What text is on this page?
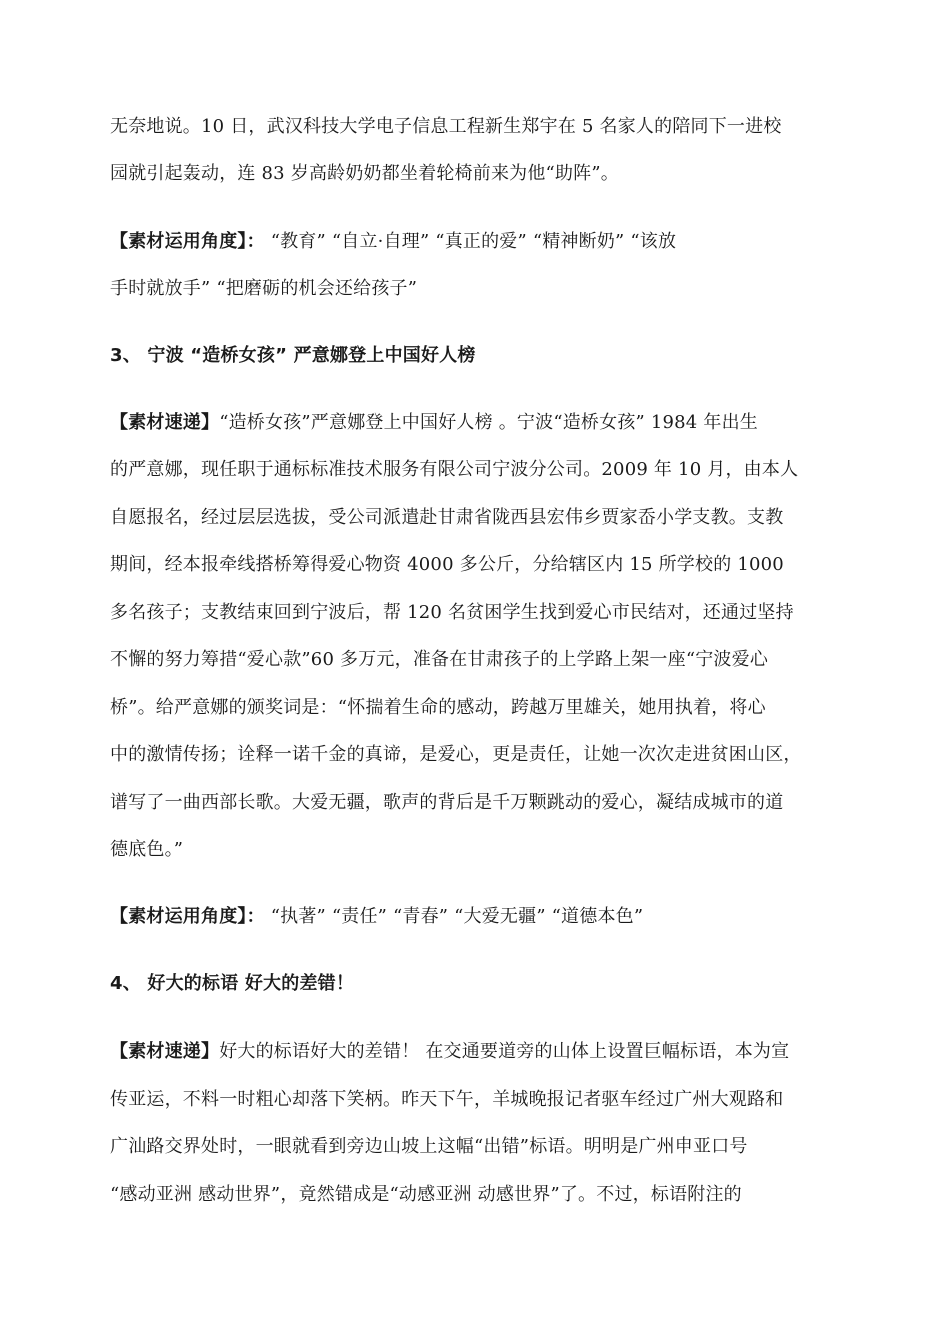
无奈地说。10 日，武汉科技大学电子信息工程新生郑宇在 5 名家人的陪同下一进校
园就引起轰动，连 83 岁高龄奶奶都坐着轮椅前来为他“助阵”。
【素材运用角度】： “教育” “自立·自理” “真正的爱” “精神断奶” “该放
手时就放手” “把磨砺的机会还给孩子”
3、 宁波 “造桥女孩” 严意娜登上中国好人榜
【素材速递】“造桥女孩”严意娜登上中国好人榜 。宁波“造桥女孩” 1984 年出生
的严意娜，现任职于通标标准技术服务有限公司宁波分公司。2009 年 10 月，由本人
自愿报名，经过层层选拔，受公司派遣赴甘肃省陇西县宏伟乡贾家岙小学支教。支教
期间，经本报牵线搭桥筹得爱心物资 4000 多公斤，分给辖区内 15 所学校的 1000
多名孩子；支教结束回到宁波后，帮 120 名贫困学生找到爱心市民结对，还通过坚持
不懈的努力筹措“爱心款”60 多万元，准备在甘肃孩子的上学路上架一座“宁波爱心
桥”。给严意娜的颁奖词是：“怀揣着生命的感动，跨越万里雄关，她用执着，将心
中的激情传扬；诠释一诺千金的真谛，是爱心，更是责任，让她一次次走进贫困山区，
谱写了一曲西部长歌。大爱无疆，歌声的背后是千万颗跳动的爱心，凝结成城市的道
德底色。”
【素材运用角度】： “执著” “责任” “青春” “大爱无疆” “道德本色”
4、 好大的标语 好大的差错！
【素材速递】好大的标语好大的差错！ 在交通要道旁的山体上设置巨幅标语，本为宣
传亚运，不料一时粗心却落下笑柄。昨天下午，羊城晚报记者驱车经过广州大观路和
广汕路交界处时，一眼就看到旁边山坡上这幅“出错”标语。明明是广州申亚口号
“感动亚洲 感动世界”，竟然错成是“动感亚洲 动感世界”了。不过，标语附注的
